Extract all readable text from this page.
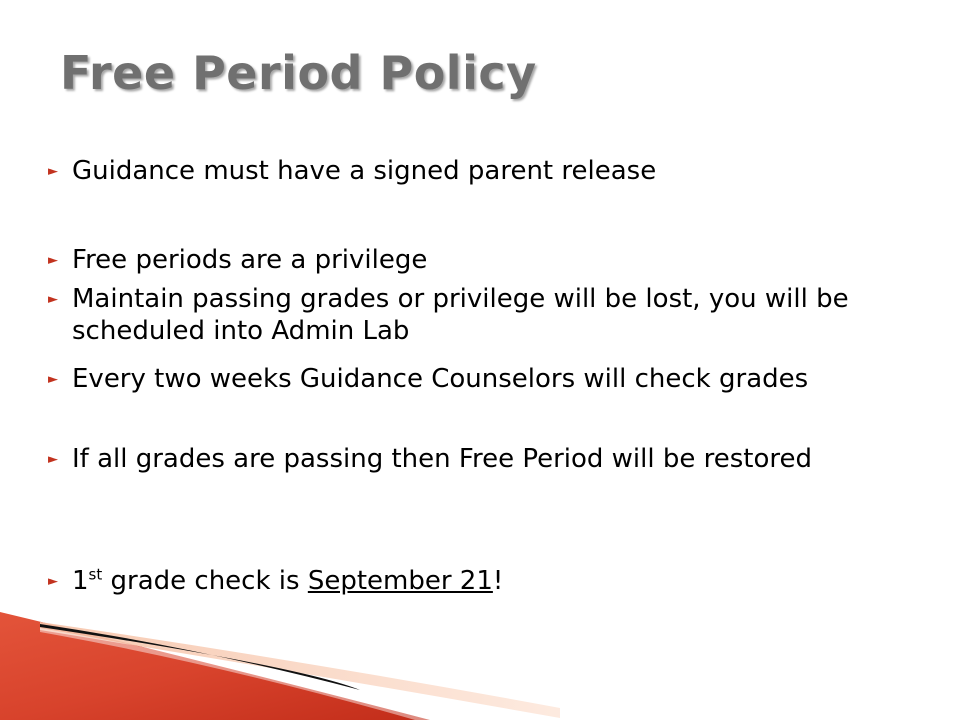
Free Period Policy
► Guidance must have a signed parent release
► Free periods are a privilege
► Maintain passing grades or privilege will be lost, you will be scheduled into Admin Lab
► Every two weeks Guidance Counselors will check grades
► If all grades are passing then Free Period will be restored
► 1st grade check is September 21!
